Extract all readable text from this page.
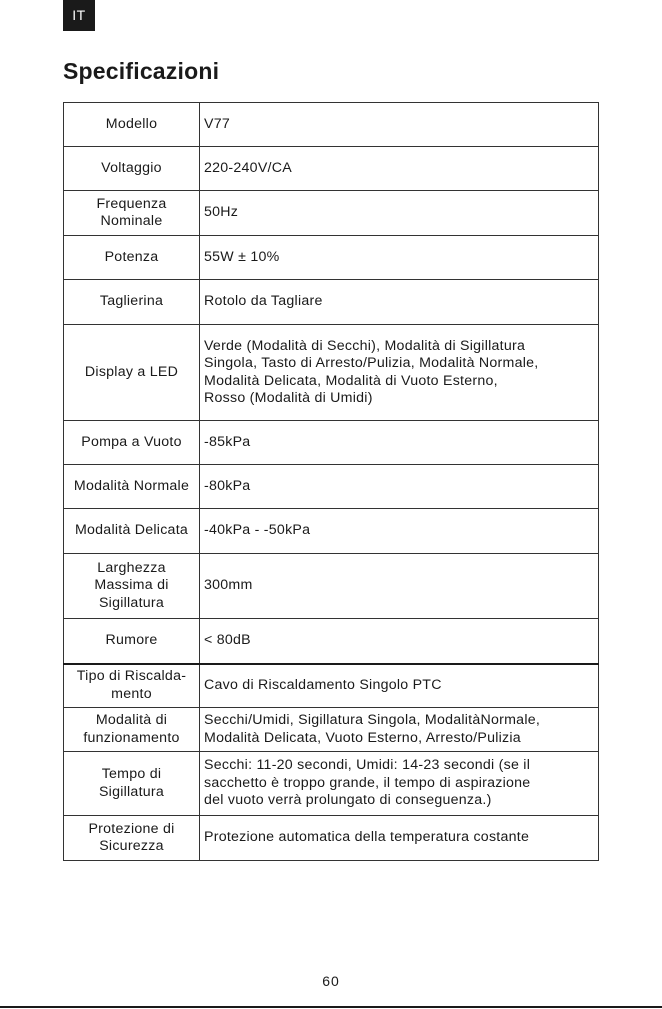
IT
Specificazioni
Modello	V77
Voltaggio	220-240V/CA
Frequenza
Nominale	50Hz
Potenza	55W ± 10%
Taglierina	Rotolo da Tagliare
Display a LED	Verde (Modalità di Secchi), Modalità di Sigillatura
Singola, Tasto di Arresto/Pulizia, Modalità Normale,
Modalità Delicata, Modalità di Vuoto Esterno,
Rosso (Modalità di Umidi)
Pompa a Vuoto	-85kPa
Modalità Normale	-80kPa
Modalità Delicata	-40kPa - -50kPa
Larghezza
Massima di
Sigillatura	300mm
Rumore	< 80dB
Tipo di Riscalda-
mento	Cavo di Riscaldamento Singolo PTC
Modalità di
funzionamento	Secchi/Umidi, Sigillatura Singola, ModalitàNormale,
Modalità Delicata, Vuoto Esterno, Arresto/Pulizia
Tempo di
Sigillatura	Secchi: 11-20 secondi, Umidi: 14-23 secondi (se il
sacchetto è troppo grande, il tempo di aspirazione
del vuoto verrà prolungato di conseguenza.)
Protezione di
Sicurezza	Protezione automatica della temperatura costante
60
